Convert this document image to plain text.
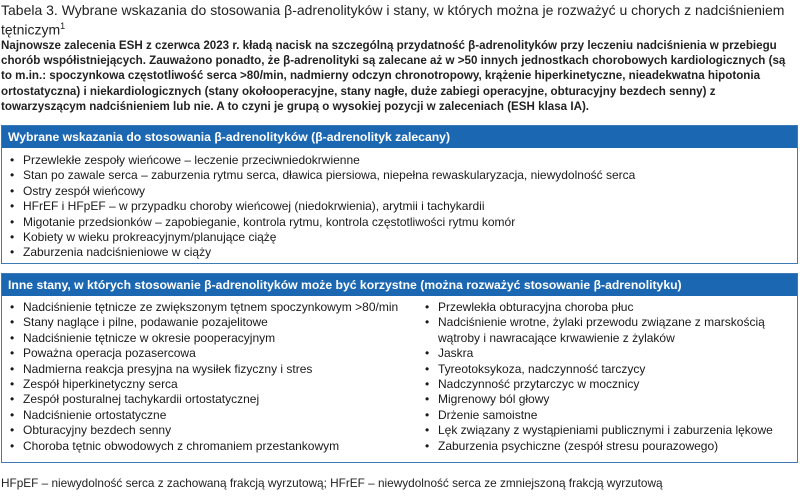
Tabela 3. Wybrane wskazania do stosowania β-adrenolityków i stany, w których można je rozważyć u chorych z nadciśnieniem tętniczym$^1$
Najnowsze zalecenia ESH z czerwca 2023 r. kładą nacisk na szczególną przydatność β-adrenolityków przy leczeniu nadciśnienia w przebiegu chorób współistniejących. Zauważono ponadto, że β-adrenolityki są zalecane aż w >50 innych jednostkach chorobowych kardiologicznych (są to m.in.: spoczynkowa częstotliwość serca >80/min, nadmierny odczyn chronotropowy, krążenie hiperkinetyczne, nieadekwatna hipotonia ortostatyczna) i niekardiologicznych (stany okołooperacyjne, stany nagłe, duże zabiegi operacyjne, obturacyjny bezdech senny) z towarzyszącym nadciśnieniem lub nie. A to czyni je grupą o wysokiej pozycji w zaleceniach (ESH klasa IA).
Wybrane wskazania do stosowania β-adrenolityków (β-adrenolityk zalecany)
• Przewlekłe zespoły wieńcowe – leczenie przeciwniedokrwienne
• Stan po zawale serca – zaburzenia rytmu serca, dławica piersiowa, niepełna rewaskularyzacja, niewydolność serca
• Ostry zespół wieńcowy
• HFrEF i HFpEF – w przypadku choroby wieńcowej (niedokrwienia), arytmii i tachykardii
• Migotanie przedsionków – zapobieganie, kontrola rytmu, kontrola częstotliwości rytmu komór
• Kobiety w wieku prokreacyjnym/planujące ciążę
• Zaburzenia nadciśnieniowe w ciąży
Inne stany, w których stosowanie β-adrenolityków może być korzystne (można rozważyć stosowanie β-adrenolityku)
• Nadciśnienie tętnicze ze zwiększonym tętnem spoczynkowym >80/min
• Stany naglące i pilne, podawanie pozajelitowe
• Nadciśnienie tętnicze w okresie pooperacyjnym
• Poważna operacja pozasercowa
• Nadmierna reakcja presyjna na wysiłek fizyczny i stres
• Zespół hiperkinetyczny serca
• Zespół posturalnej tachykardii ortostatycznej
• Nadciśnienie ortostatyczne
• Obturacyjny bezdech senny
• Choroba tętnic obwodowych z chromaniem przestankowym
• Przewlekła obturacyjna choroba płuc
• Nadciśnienie wrotne, żylaki przewodu związane z marskością wątroby i nawracające krwawienie z żylaków
• Jaskra
• Tyreotoksykoza, nadczynność tarczycy
• Nadczynność przytarczyc w mocznicy
• Migrenowy ból głowy
• Drżenie samoistne
• Lęk związany z wystąpieniami publicznymi i zaburzenia lękowe
• Zaburzenia psychiczne (zespół stresu pourazowego)
HFpEF – niewydolność serca z zachowaną frakcją wyrzutową; HFrEF – niewydolność serca ze zmniejszoną frakcją wyrzutową
